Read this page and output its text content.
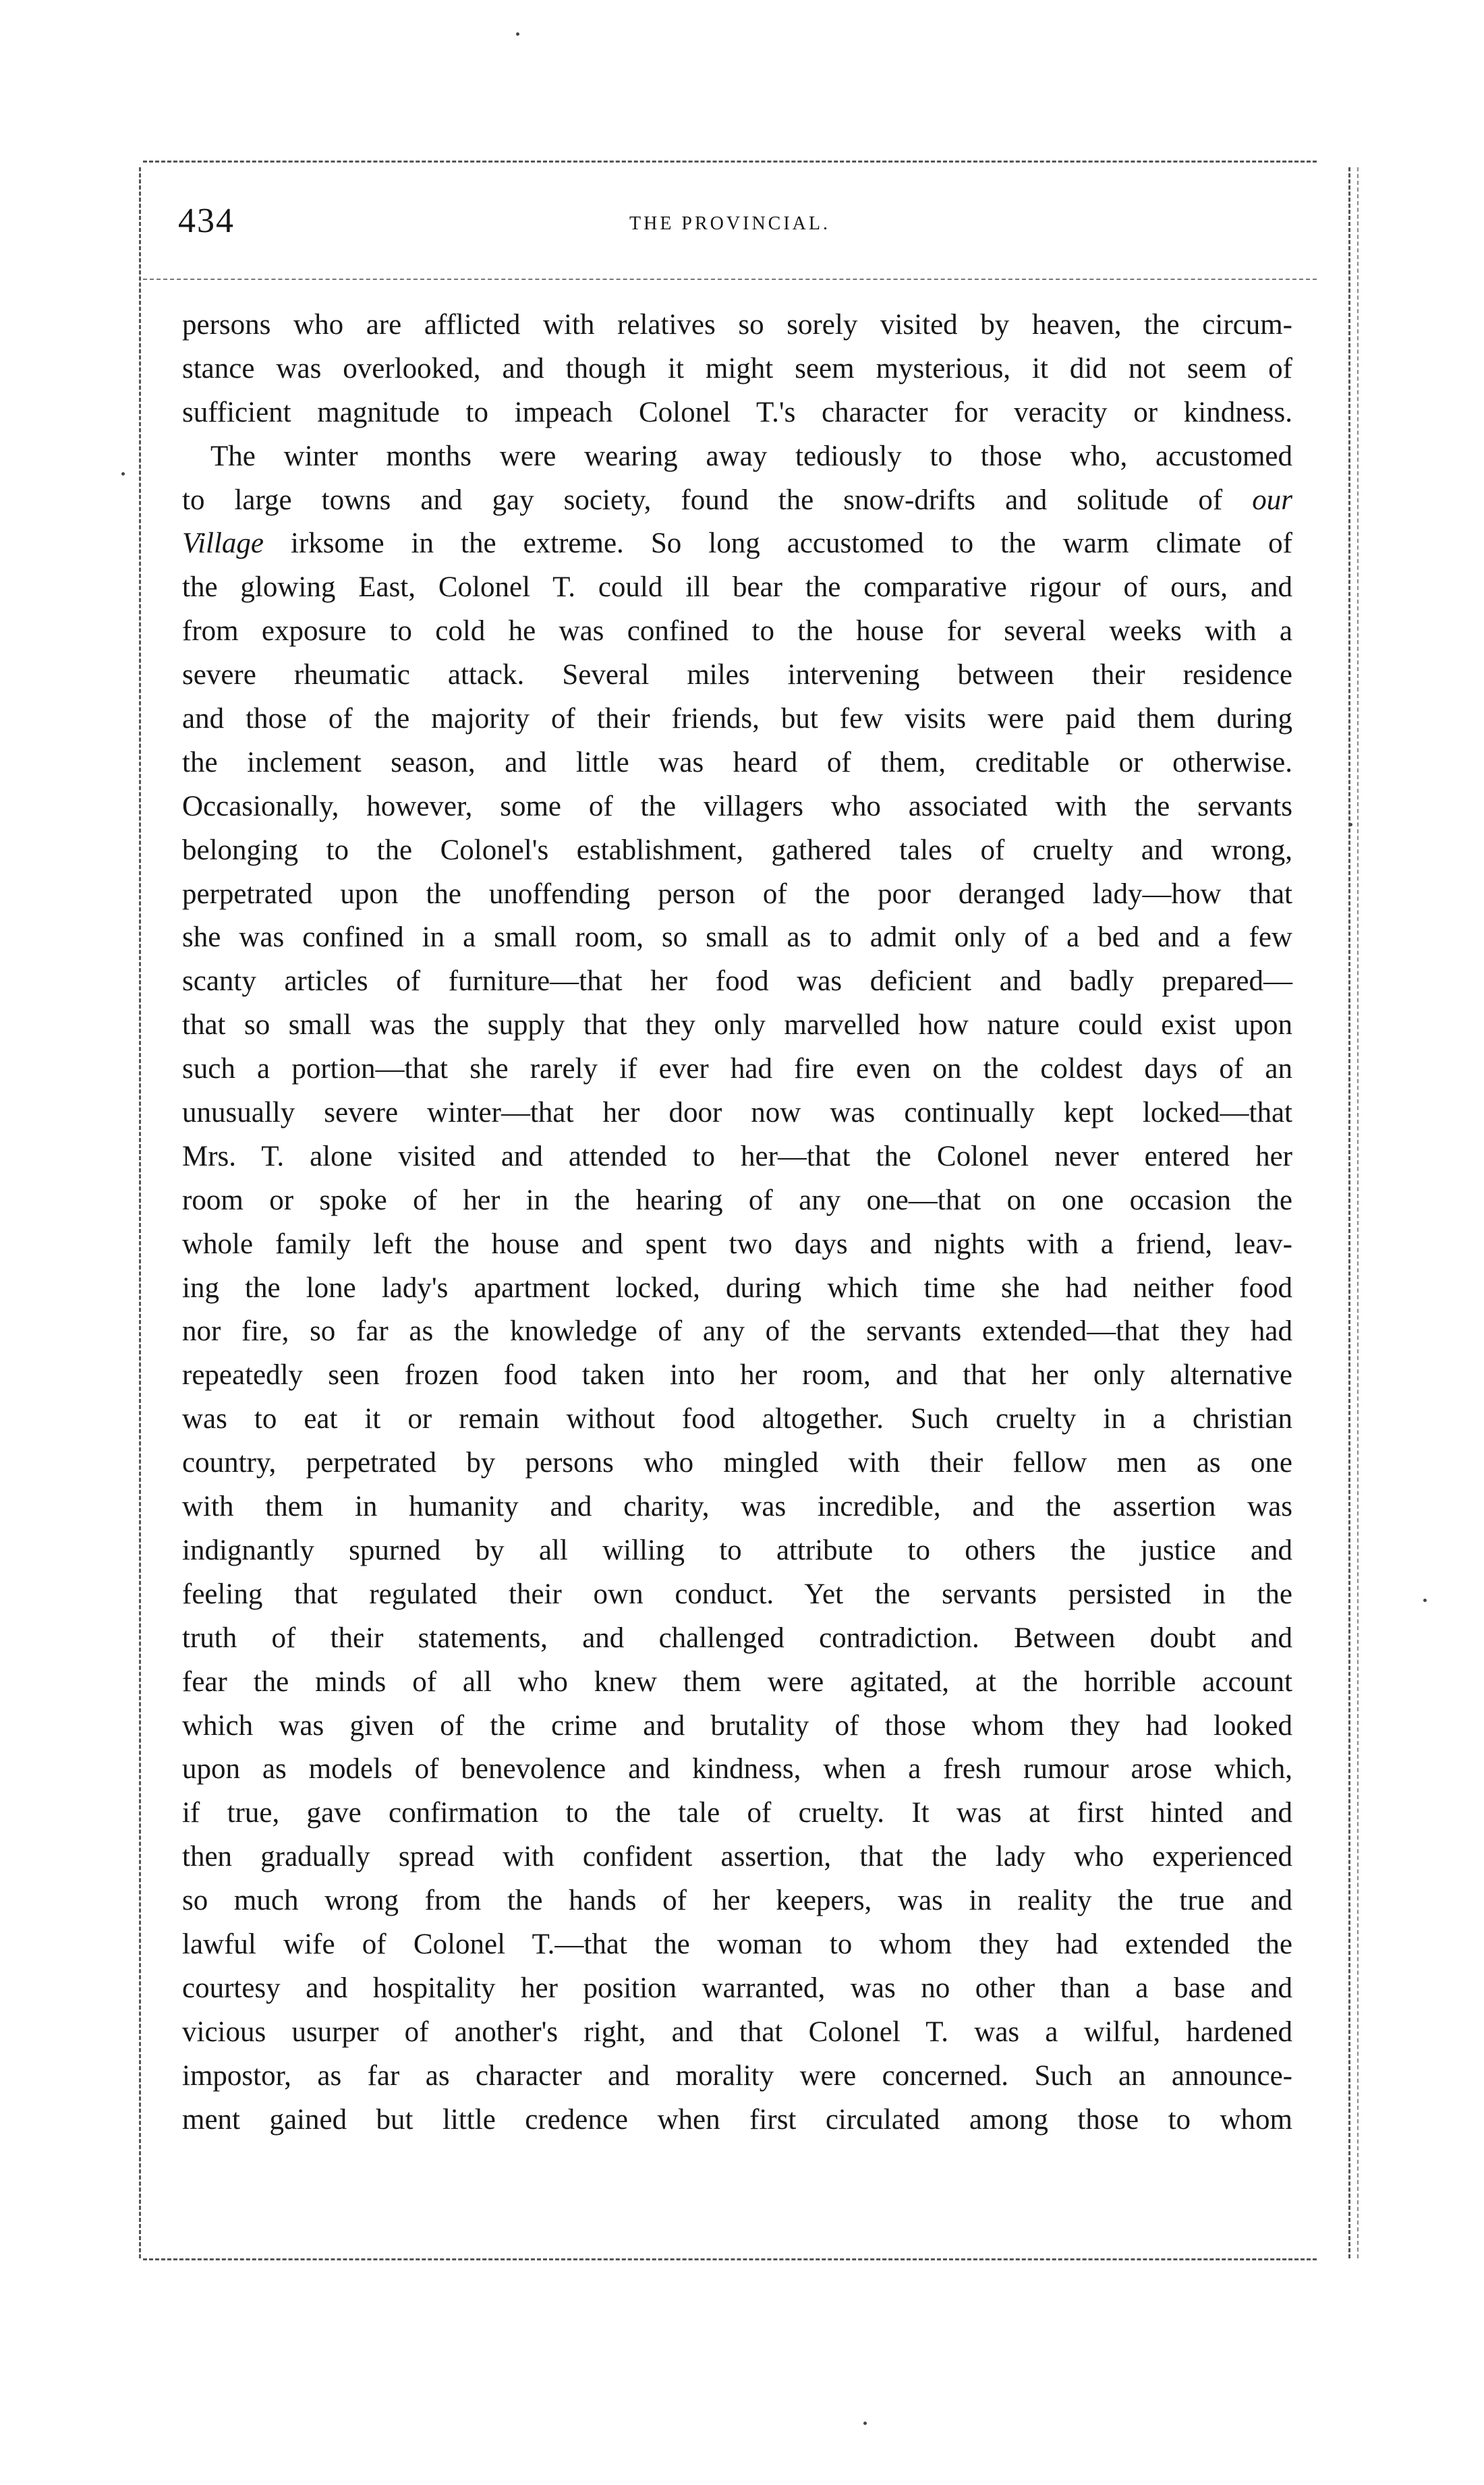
434	THE PROVINCIAL.
persons who are afflicted with relatives so sorely visited by heaven, the circum-
stance was overlooked, and though it might seem mysterious, it did not seem of
sufficient magnitude to impeach Colonel T.'s character for veracity or kindness.
The winter months were wearing away tediously to those who, accustomed
to large towns and gay society, found the snow-drifts and solitude of our
Village irksome in the extreme. So long accustomed to the warm climate of
the glowing East, Colonel T. could ill bear the comparative rigour of ours, and
from exposure to cold he was confined to the house for several weeks with a
severe rheumatic attack. Several miles intervening between their residence
and those of the majority of their friends, but few visits were paid them during
the inclement season, and little was heard of them, creditable or otherwise.
Occasionally, however, some of the villagers who associated with the servants
belonging to the Colonel's establishment, gathered tales of cruelty and wrong,
perpetrated upon the unoffending person of the poor deranged lady—how that
she was confined in a small room, so small as to admit only of a bed and a few
scanty articles of furniture—that her food was deficient and badly prepared—
that so small was the supply that they only marvelled how nature could exist upon
such a portion—that she rarely if ever had fire even on the coldest days of an
unusually severe winter—that her door now was continually kept locked—that
Mrs. T. alone visited and attended to her—that the Colonel never entered her
room or spoke of her in the hearing of any one—that on one occasion the
whole family left the house and spent two days and nights with a friend, leav-
ing the lone lady's apartment locked, during which time she had neither food
nor fire, so far as the knowledge of any of the servants extended—that they had
repeatedly seen frozen food taken into her room, and that her only alternative
was to eat it or remain without food altogether. Such cruelty in a christian
country, perpetrated by persons who mingled with their fellow men as one
with them in humanity and charity, was incredible, and the assertion was
indignantly spurned by all willing to attribute to others the justice and
feeling that regulated their own conduct. Yet the servants persisted in the
truth of their statements, and challenged contradiction. Between doubt and
fear the minds of all who knew them were agitated, at the horrible account
which was given of the crime and brutality of those whom they had looked
upon as models of benevolence and kindness, when a fresh rumour arose which,
if true, gave confirmation to the tale of cruelty. It was at first hinted and
then gradually spread with confident assertion, that the lady who experienced
so much wrong from the hands of her keepers, was in reality the true and
lawful wife of Colonel T.—that the woman to whom they had extended the
courtesy and hospitality her position warranted, was no other than a base and
vicious usurper of another's right, and that Colonel T. was a wilful, hardened
impostor, as far as character and morality were concerned. Such an announce-
ment gained but little credence when first circulated among those to whom
